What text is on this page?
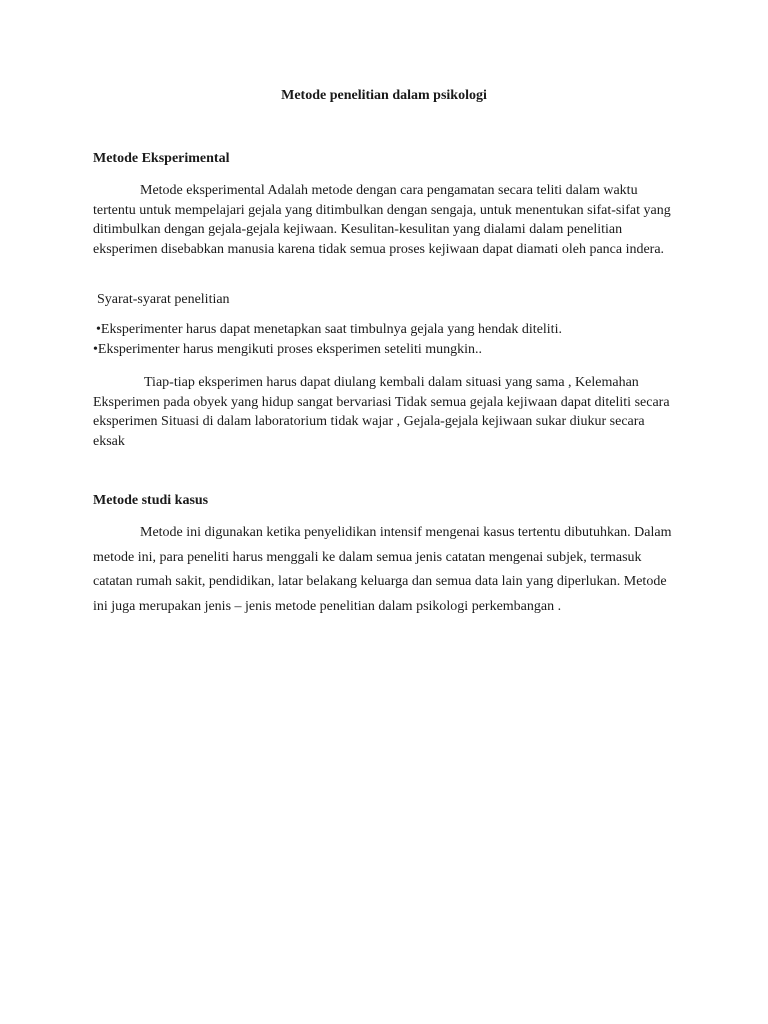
Metode penelitian dalam psikologi
Metode Eksperimental

Metode eksperimental Adalah metode dengan cara pengamatan secara teliti dalam waktu tertentu untuk mempelajari gejala yang ditimbulkan dengan sengaja, untuk menentukan sifat-sifat yang ditimbulkan dengan gejala-gejala kejiwaan. Kesulitan-kesulitan yang dialami dalam penelitian eksperimen disebabkan manusia karena tidak semua proses kejiwaan dapat diamati oleh panca indera.

Syarat-syarat penelitian
•Eksperimenter harus dapat menetapkan saat timbulnya gejala yang hendak diteliti.
•Eksperimenter harus mengikuti proses eksperimen seteliti mungkin..

Tiap-tiap eksperimen harus dapat diulang kembali dalam situasi yang sama , Kelemahan Eksperimen pada obyek yang hidup sangat bervariasi Tidak semua gejala kejiwaan dapat diteliti secara eksperimen Situasi di dalam laboratorium tidak wajar , Gejala-gejala kejiwaan sukar diukur secara eksak

Metode studi kasus

Metode ini digunakan ketika penyelidikan intensif mengenai kasus tertentu dibutuhkan. Dalam metode ini, para peneliti harus menggali ke dalam semua jenis catatan mengenai subjek, termasuk catatan rumah sakit, pendidikan, latar belakang keluarga dan semua data lain yang diperlukan. Metode ini juga merupakan jenis – jenis metode penelitian dalam psikologi perkembangan .
